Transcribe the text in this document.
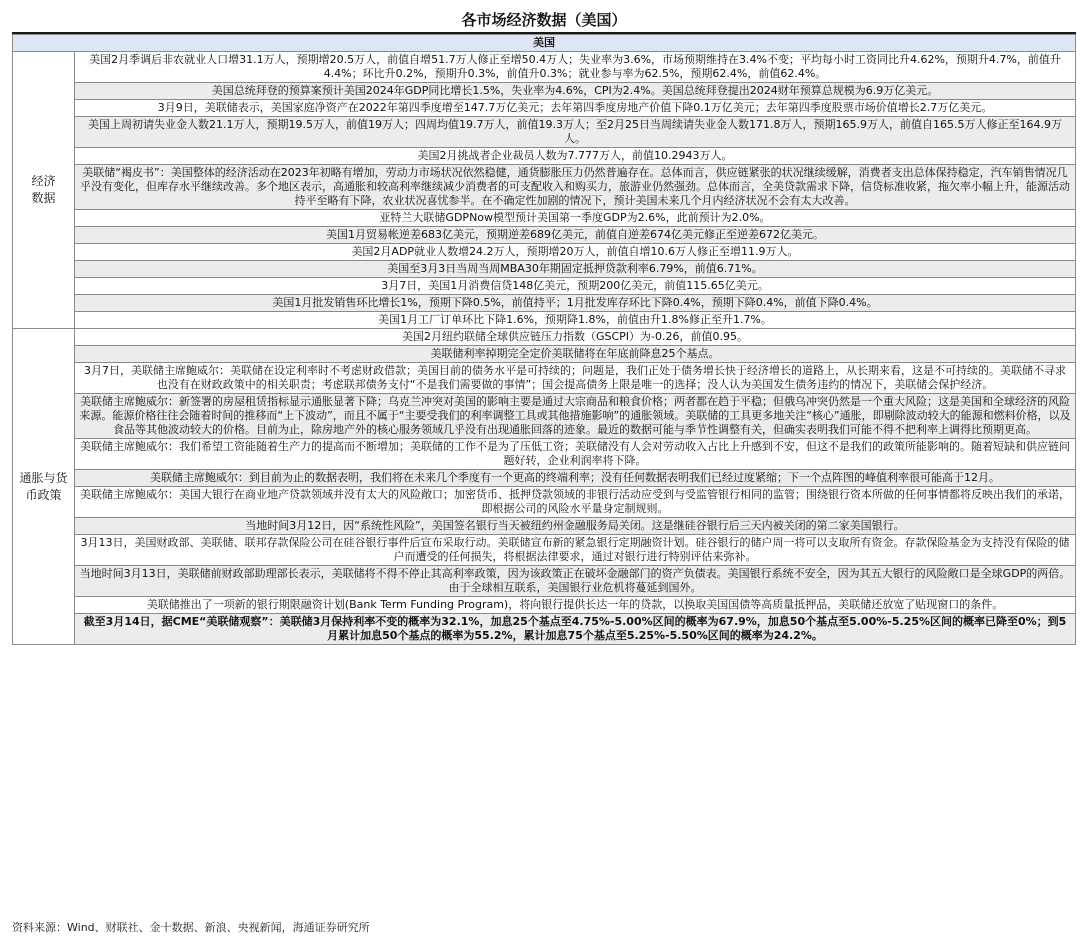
各市场经济数据（美国）
美国	
经济
数据	美国2月季调后非农就业人口增31.1万人，预期增20.5万人，前值自增51.7万人修正至增50.4万人；失业率为3.6%，市场预期维持在3.4%不变；平均每小时工资同比升4.62%，预期升4.7%，前值升4.4%；环比升0.2%，预期升0.3%，前值升0.3%；就业参与率为62.5%，预期62.4%，前值62.4%。
	美国总统拜登的预算案预计美国2024年GDP同比增长1.5%，失业率为4.6%，CPI为2.4%。美国总统拜登提出2024财年预算总规模为6.9万亿美元。
	3月9日，美联储表示，美国家庭净资产在2022年第四季度增至147.7万亿美元；去年第四季度房地产价值下降0.1万亿美元；去年第四季度股票市场价值增长2.7万亿美元。
	美国上周初请失业金人数21.1万人，预期19.5万人，前值19万人；四周均值19.7万人，前值19.3万人；至2月25日当周续请失业金人数171.8万人，预期165.9万人，前值自165.5万人修正至164.9万人。
	美国2月挑战者企业裁员人数为7.777万人，前值10.2943万人。
	美联储“褐皮书”：美国整体的经济活动在2023年初略有增加，劳动力市场状况依然稳健，通货膨胀压力仍然普遍存在。总体而言，供应链紧张的状况继续缓解，消费者支出总体保持稳定，汽车销售情况几乎没有变化，但库存水平继续改善。多个地区表示，高通胀和较高利率继续减少消费者的可支配收入和购买力，旅游业仍然强劲。总体而言，全美贷款需求下降，信贷标准收紧，拖欠率小幅上升，能源活动持平至略有下降，农业状况喜忧参半。在不确定性加剧的情况下，预计美国未来几个月内经济状况不会有太大改善。
	亚特兰大联储GDPNow模型预计美国第一季度GDP为2.6%，此前预计为2.0%。
	美国1月贸易帐逆差683亿美元，预期逆差689亿美元，前值自逆差674亿美元修正至逆差672亿美元。
	美国2月ADP就业人数增24.2万人，预期增20万人，前值自增10.6万人修正至增11.9万人。
	美国至3月3日当周当周MBA30年期固定抵押贷款利率6.79%，前值6.71%。
	3月7日，美国1月消费信贷148亿美元，预期200亿美元，前值115.65亿美元。
	美国1月批发销售环比增长1%，预期下降0.5%，前值持平；1月批发库存环比下降0.4%，预期下降0.4%，前值下降0.4%。
	美国1月工厂订单环比下降1.6%，预期降1.8%，前值由升1.8%修正至升1.7%。
通胀与货
币政策	美国2月纽约联储全球供应链压力指数（GSCPI）为-0.26，前值0.95。
	美联储利率掉期完全定价美联储将在年底前降息25个基点。
	3月7日，美联储主席鲍威尔：美联储在设定利率时不考虑财政借款；美国目前的债务水平是可持续的；问题是，我们正处于债务增长快于经济增长的道路上，从长期来看，这是不可持续的。美联储不寻求也没有在财政政策中的相关职责；考虑联邦债务支付“不是我们需要做的事情”；国会提高债务上限是唯一的选择；没人认为美国发生债务违约的情况下，美联储会保护经济。
	美联储主席鲍威尔：新签署的房屋租赁指标显示通胀显著下降；乌克兰冲突对美国的影响主要是通过大宗商品和粮食价格；两者都在趋于平稳；但俄乌冲突仍然是一个重大风险；这是美国和全球经济的风险来源。能源价格往往会随着时间的推移而“上下波动”，而且不属于“主要受我们的利率调整工具或其他措施影响”的通胀领域。美联储的工具更多地关注“核心”通胀，即剔除波动较大的能源和燃料价格，以及食品等其他波动较大的价格。目前为止，除房地产外的核心服务领域几乎没有出现通胀回落的迹象。最近的数据可能与季节性调整有关，但确实表明我们可能不得不把利率上调得比预期更高。
	美联储主席鲍威尔：我们希望工资能随着生产力的提高而不断增加；美联储的工作不是为了压低工资；美联储没有人会对劳动收入占比上升感到不安，但这不是我们的政策所能影响的。随着短缺和供应链问题好转，企业利润率将下降。
	美联储主席鲍威尔：到目前为止的数据表明，我们将在未来几个季度有一个更高的终端利率；没有任何数据表明我们已经过度紧缩；下一个点阵图的峰值利率很可能高于12月。
	美联储主席鲍威尔：美国大银行在商业地产贷款领域并没有太大的风险敞口；加密货币、抵押贷款领域的非银行活动应受到与受监管银行相同的监管；围绕银行资本所做的任何事情都将反映出我们的承诺，即根据公司的风险水平量身定制规则。
	当地时间3月12日，因“系统性风险”，美国签名银行当天被纽约州金融服务局关闭。这是继硅谷银行后三天内被关闭的第二家美国银行。
	3月13日，美国财政部、美联储、联邦存款保险公司在硅谷银行事件后宣布采取行动。美联储宣布新的紧急银行定期融资计划。硅谷银行的储户周一将可以支取所有资金。存款保险基金为支持没有保险的储户而遭受的任何损失，将根据法律要求，通过对银行进行特别评估来弥补。
	当地时间3月13日，美联储前财政部助理部长表示，美联储将不得不停止其高利率政策，因为该政策正在破坏金融部门的资产负债表。美国银行系统不安全，因为其五大银行的风险敞口是全球GDP的两倍。由于全球相互联系，美国银行业危机将蔓延到国外。
	美联储推出了一项新的银行期限融资计划(Bank Term Funding Program)，将向银行提供长达一年的贷款，以换取美国国债等高质量抵押品，美联储还放宽了贴现窗口的条件。
	截至3月14日，据CME“美联储观察”：美联储3月保持利率不变的概率为32.1%，加息25个基点至4.75%-5.00%区间的概率为67.9%，加息50个基点至5.00%-5.25%区间的概率已降至0%；到5月累计加息50个基点的概率为55.2%，累计加息75个基点至5.25%-5.50%区间的概率为24.2%。
资料来源：Wind、财联社、金十数据、新浪、央视新闻，海通证券研究所
